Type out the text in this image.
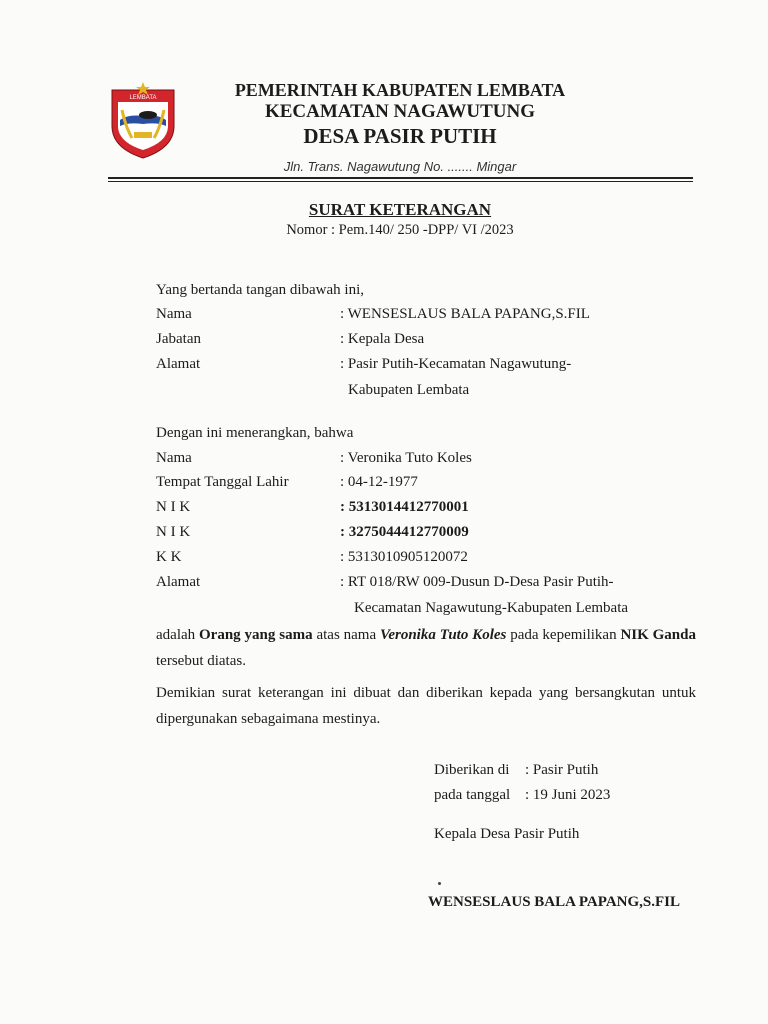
LEMBATA	PEMERINTAH KABUPATEN LEMBATA
KECAMATAN NAGAWUTUNG
DESA PASIR PUTIH
Jln. Trans. Nagawutung No. ....... Mingar
SURAT KETERANGAN
Nomor : Pem.140/ 250 -DPP/ VI /2023
Yang bertanda tangan dibawah ini,
Nama	: WENSESLAUS BALA PAPANG,S.FIL
Jabatan	: Kepala Desa
Alamat	: Pasir Putih-Kecamatan Nagawutung-
Kabupaten Lembata
Dengan ini menerangkan, bahwa
Nama	: Veronika Tuto Koles
Tempat Tanggal Lahir	: 04-12-1977
N I K	: 5313014412770001
N I K	: 3275044412770009
K K	: 5313010905120072
Alamat	: RT 018/RW 009-Dusun D-Desa Pasir Putih-
Kecamatan Nagawutung-Kabupaten Lembata
adalah Orang yang sama atas nama Veronika Tuto Koles pada kepemilikan NIK Ganda tersebut diatas.
Demikian surat keterangan ini dibuat dan diberikan kepada yang bersangkutan untuk dipergunakan sebagaimana mestinya.
Diberikan di : Pasir Putih
pada tanggal : 19 Juni 2023
Kepala Desa Pasir Putih
WENSESLAUS BALA PAPANG,S.FIL
